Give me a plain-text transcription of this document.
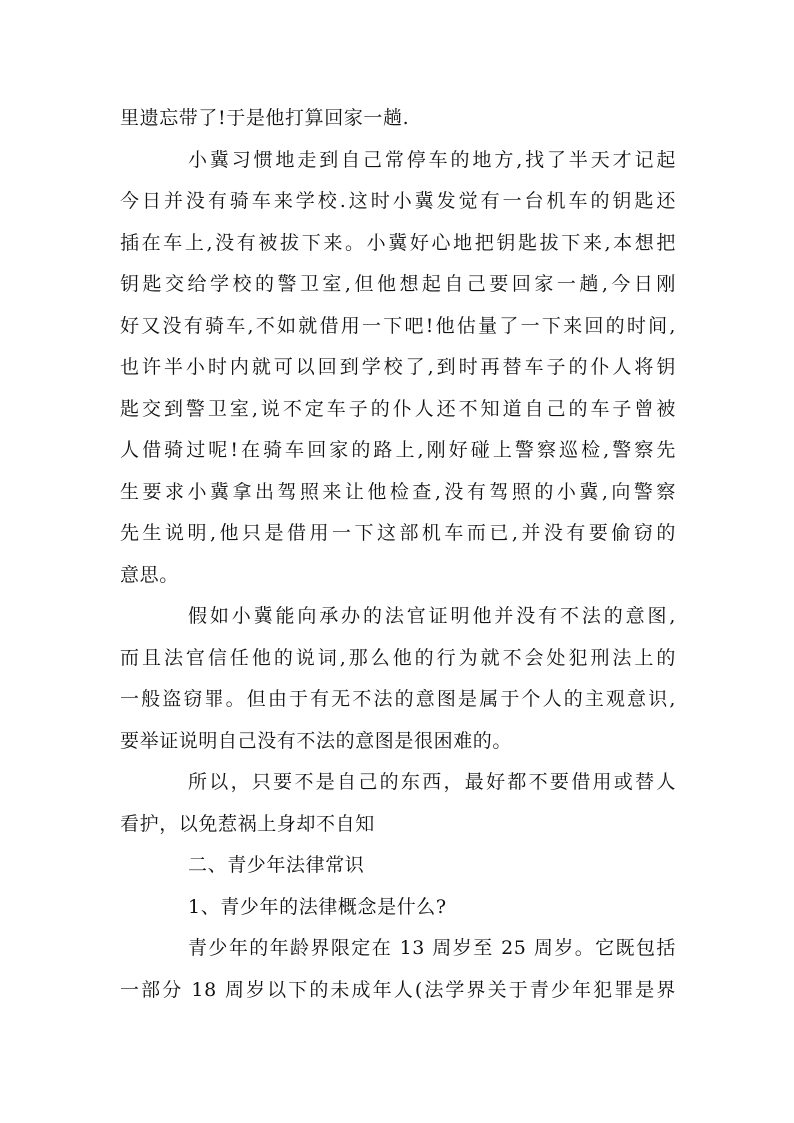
里遗忘带了!于是他打算回家一趟.
小冀习惯地走到自己常停车的地方,找了半天才记起
今日并没有骑车来学校.这时小冀发觉有一台机车的钥匙还
插在车上,没有被拔下来。小冀好心地把钥匙拔下来,本想把
钥匙交给学校的警卫室,但他想起自己要回家一趟,今日刚
好又没有骑车,不如就借用一下吧!他估量了一下来回的时间,
也许半小时内就可以回到学校了,到时再替车子的仆人将钥
匙交到警卫室,说不定车子的仆人还不知道自己的车子曾被
人借骑过呢!在骑车回家的路上,刚好碰上警察巡检,警察先
生要求小冀拿出驾照来让他检查,没有驾照的小冀,向警察
先生说明,他只是借用一下这部机车而已,并没有要偷窃的
意思。
假如小冀能向承办的法官证明他并没有不法的意图,
而且法官信任他的说词,那么他的行为就不会处犯刑法上的
一般盗窃罪。但由于有无不法的意图是属于个人的主观意识,
要举证说明自己没有不法的意图是很困难的。
所以，只要不是自己的东西，最好都不要借用或替人
看护，以免惹祸上身却不自知
二、青少年法律常识
1、青少年的法律概念是什么?
青少年的年龄界限定在 13 周岁至 25 周岁。它既包括
一部分 18 周岁以下的未成年人(法学界关于青少年犯罪是界
